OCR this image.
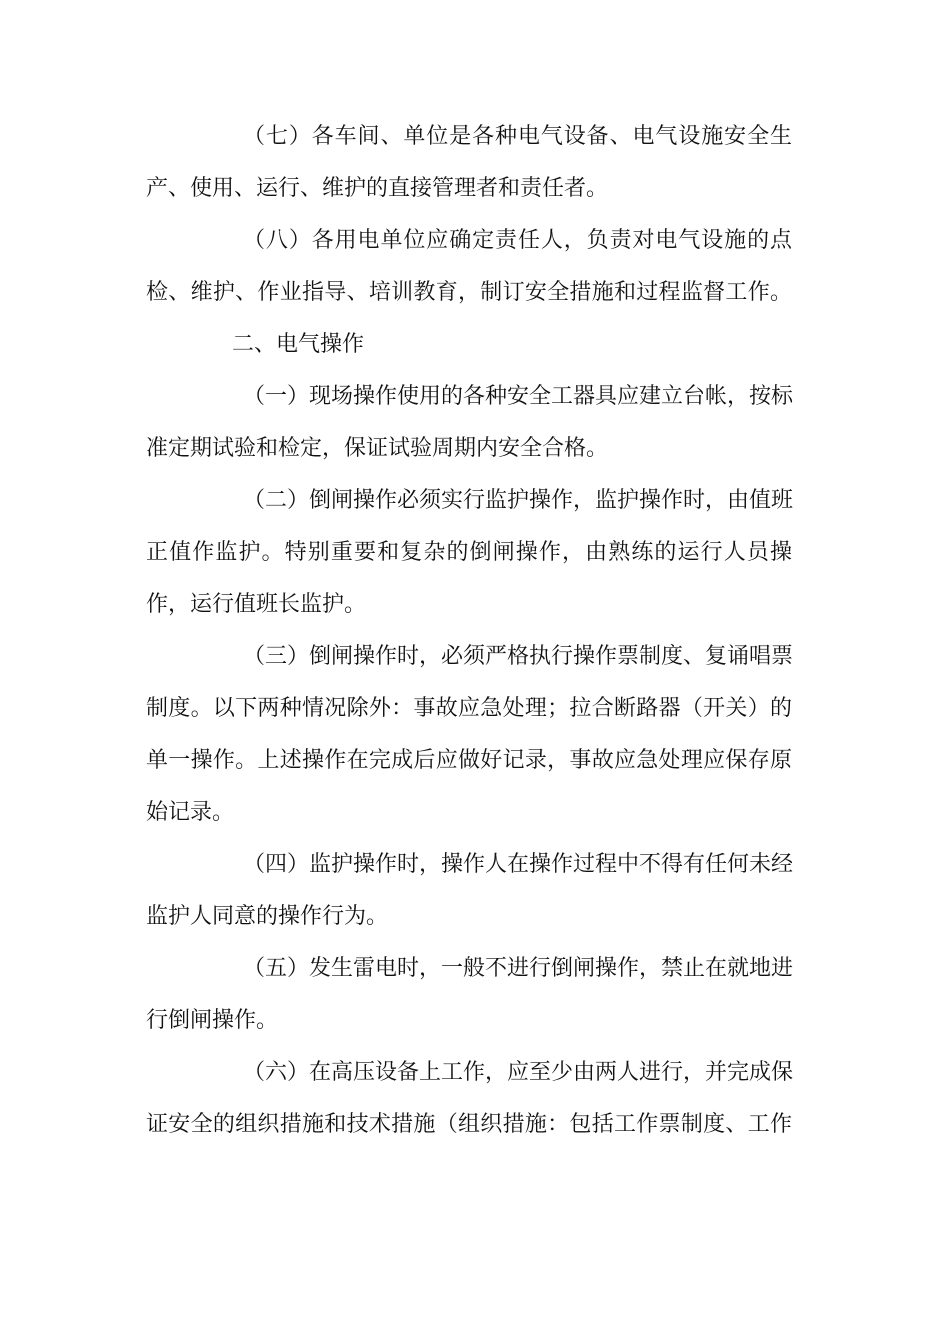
（七）各车间、单位是各种电气设备、电气设施安全生
产、使用、运行、维护的直接管理者和责任者。
（八）各用电单位应确定责任人，负责对电气设施的点
检、维护、作业指导、培训教育，制订安全措施和过程监督工作。
二、电气操作
（一）现场操作使用的各种安全工器具应建立台帐，按标
准定期试验和检定，保证试验周期内安全合格。
（二）倒闸操作必须实行监护操作，监护操作时，由值班
正值作监护。特别重要和复杂的倒闸操作，由熟练的运行人员操
作，运行值班长监护。
（三）倒闸操作时，必须严格执行操作票制度、复诵唱票
制度。以下两种情况除外：事故应急处理；拉合断路器（开关）的
单一操作。上述操作在完成后应做好记录，事故应急处理应保存原
始记录。
（四）监护操作时，操作人在操作过程中不得有任何未经
监护人同意的操作行为。
（五）发生雷电时，一般不进行倒闸操作，禁止在就地进
行倒闸操作。
（六）在高压设备上工作，应至少由两人进行，并完成保
证安全的组织措施和技术措施（组织措施：包括工作票制度、工作
